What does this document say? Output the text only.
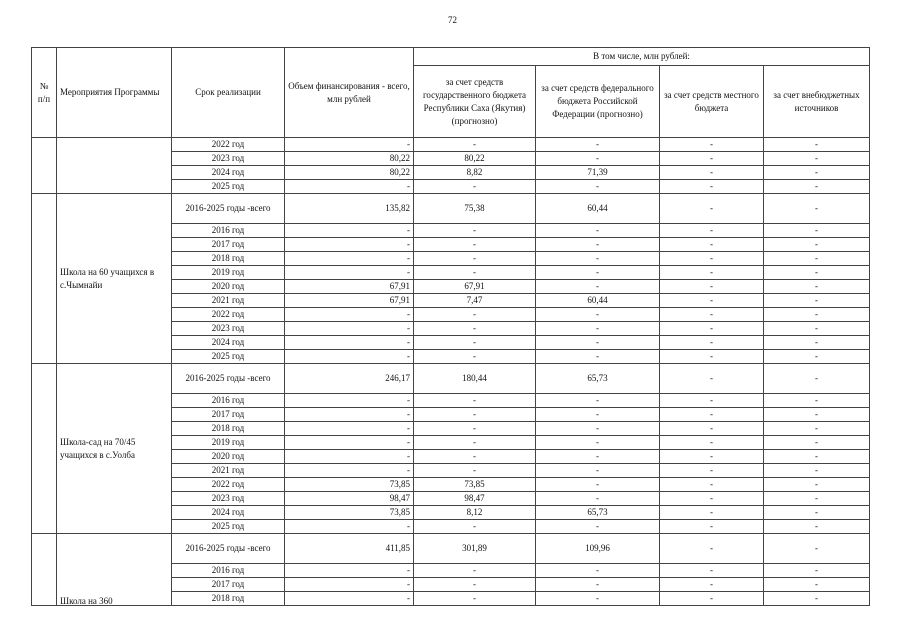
72
№ п/п	Мероприятия Программы	Срок реализации	Объем финансирования - всего, млн рублей	В том числе, млн рублей:			
				за счет средств государственного бюджета Республики Саха (Якутия) (прогнозно)	за счет средств федерального бюджета Российской Федерации (прогнозно)	за счет средств местного бюджета	за счет внебюджетных источников
		2022 год	-	-	-	-	-
		2023 год	80,22	80,22	-	-	-
		2024 год	80,22	8,82	71,39	-	-
		2025 год	-	-	-	-	-
	Школа на 60 учащихся в с.Чымнайи	2016-2025 годы -всего	135,82	75,38	60,44	-	-
		2016 год	-	-	-	-	-
		2017 год	-	-	-	-	-
		2018 год	-	-	-	-	-
		2019 год	-	-	-	-	-
		2020 год	67,91	67,91	-	-	-
		2021 год	67,91	7,47	60,44	-	-
		2022 год	-	-	-	-	-
		2023 год	-	-	-	-	-
		2024 год	-	-	-	-	-
		2025 год	-	-	-	-	-
	Школа-сад на 70/45 учащихся в с.Уолба	2016-2025 годы -всего	246,17	180,44	65,73	-	-
		2016 год	-	-	-	-	-
		2017 год	-	-	-	-	-
		2018 год	-	-	-	-	-
		2019 год	-	-	-	-	-
		2020 год	-	-	-	-	-
		2021 год	-	-	-	-	-
		2022 год	73,85	73,85	-	-	-
		2023 год	98,47	98,47	-	-	-
		2024 год	73,85	8,12	65,73	-	-
		2025 год	-	-	-	-	-
	Школа на 360	2016-2025 годы -всего	411,85	301,89	109,96	-	-
		2016 год	-	-	-	-	-
		2017 год	-	-	-	-	-
		2018 год	-	-	-	-	-
